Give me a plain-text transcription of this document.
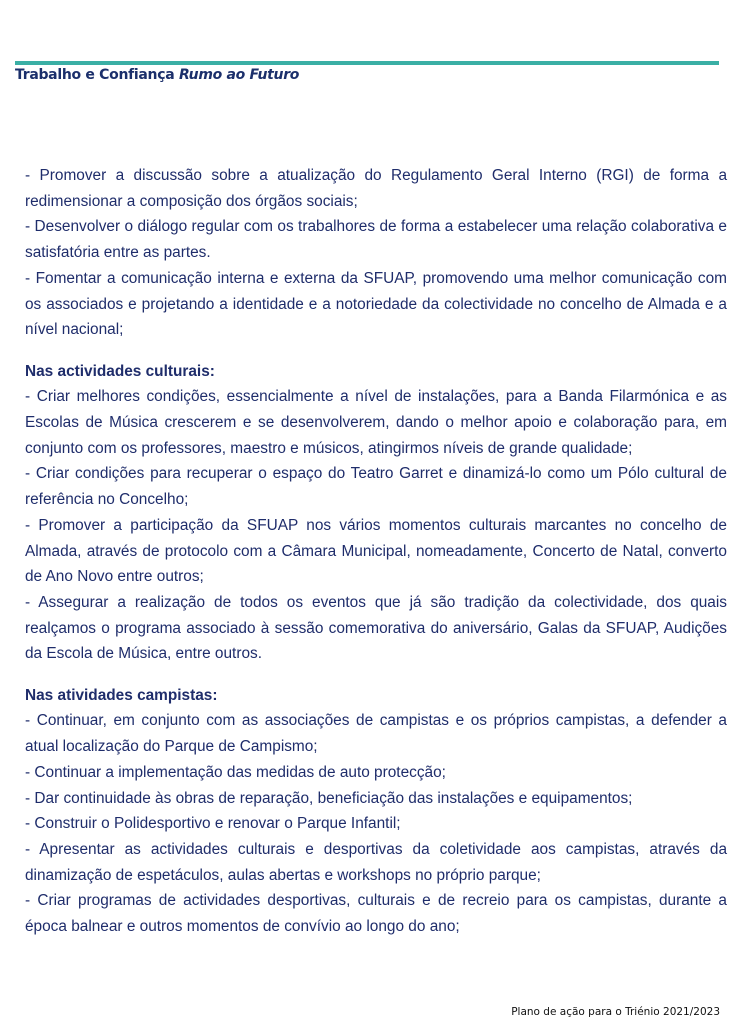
Trabalho e Confiança Rumo ao Futuro

- Promover a discussão sobre a atualização do Regulamento Geral Interno (RGI) de forma a redimensionar a composição dos órgãos sociais;

- Desenvolver o diálogo regular com os trabalhores de forma a estabelecer uma relação colaborativa e satisfatória entre as partes.

- Fomentar a comunicação interna e externa da SFUAP, promovendo uma melhor comunicação com os associados e projetando a identidade e a notoriedade da colectividade no concelho de Almada e a nível nacional;

Nas actividades culturais:

- Criar melhores condições, essencialmente a nível de instalações, para a Banda Filarmónica e as Escolas de Música crescerem e se desenvolverem, dando o melhor apoio e colaboração para, em conjunto com os professores, maestro e músicos, atingirmos níveis de grande qualidade;

- Criar condições para recuperar o espaço do Teatro Garret e dinamizá-lo como um Pólo cultural de referência no Concelho;

- Promover a participação da SFUAP nos vários momentos culturais marcantes no concelho de Almada, através de protocolo com a Câmara Municipal, nomeadamente, Concerto de Natal, converto de Ano Novo entre outros;

- Assegurar a realização de todos os eventos que já são tradição da colectividade, dos quais realçamos o programa associado à sessão comemorativa do aniversário, Galas da SFUAP, Audições da Escola de Música, entre outros.

Nas atividades campistas:

- Continuar, em conjunto com as associações de campistas e os próprios campistas, a defender a atual localização do Parque de Campismo;

- Continuar a implementação das medidas de auto protecção;

- Dar continuidade às obras de reparação, beneficiação das instalações e equipamentos;

- Construir o Polidesportivo e renovar o Parque Infantil;

- Apresentar as actividades culturais e desportivas da coletividade aos campistas, através da dinamização de espetáculos, aulas abertas e workshops no próprio parque;

- Criar programas de actividades desportivas, culturais e de recreio para os campistas, durante a época balnear e outros momentos de convívio ao longo do ano;

Plano de ação para o Triénio 2021/2023
